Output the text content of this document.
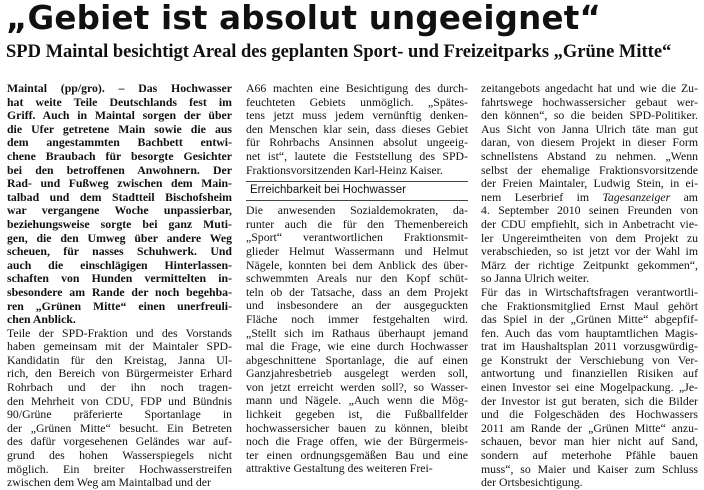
„Gebiet ist absolut ungeeignet“
SPD Maintal besichtigt Areal des geplanten Sport- und Freizeitparks „Grüne Mitte“

Maintal (pp/gro). – Das Hochwasser

hat weite Teile Deutschlands fest im

Griff. Auch in Maintal sorgen der über

die Ufer getretene Main sowie die aus

dem angestammten Bachbett entwi-

chene Braubach für besorgte Gesichter

bei den betroffenen Anwohnern. Der

Rad- und Fußweg zwischen dem Main-

talbad und dem Stadtteil Bischofsheim

war vergangene Woche unpassierbar,

beziehungsweise sorgte bei ganz Muti-

gen, die den Umweg über andere Weg

scheuen, für nasses Schuhwerk. Und

auch die einschlägigen Hinterlassen-

schaften von Hunden vermittelten in-

sbesondere am Rande der noch begehba-

ren „Grünen Mitte“ einen unerfreuli-

chen Anblick.

Teile der SPD-Fraktion und des Vorstands

haben gemeinsam mit der Maintaler SPD-

Kandidatin für den Kreistag, Janna Ul-

rich, den Bereich von Bürgermeister Erhard

Rohrbach und der ihn noch tragen-

den Mehrheit von CDU, FDP und Bündnis

90/Grüne präferierte Sportanlage in

der „Grünen Mitte“ besucht. Ein Betreten

des dafür vorgesehenen Geländes war auf-

grund des hohen Wasserspiegels nicht

möglich. Ein breiter Hochwasserstreifen

zwischen dem Weg am Maintalbad und der

A66 machten eine Besichtigung des durch-

feuchteten Gebiets unmöglich. „Spätes-

tens jetzt muss jedem vernünftig denken-

den Menschen klar sein, dass dieses Gebiet

für Rohrbachs Ansinnen absolut ungeeig-

net ist“, lautete die Feststellung des SPD-

Fraktionsvorsitzenden Karl-Heinz Kaiser.

Erreichbarkeit bei Hochwasser

Die anwesenden Sozialdemokraten, da-

runter auch die für den Themenbereich

„Sport“ verantwortlichen Fraktionsmit-

glieder Helmut Wassermann und Helmut

Nägele, konnten bei dem Anblick des über-

schwemmten Areals nur den Kopf schüt-

teln ob der Tatsache, dass an dem Projekt

und insbesondere an der ausgeguckten

Fläche noch immer festgehalten wird.

„Stellt sich im Rathaus überhaupt jemand

mal die Frage, wie eine durch Hochwasser

abgeschnittene Sportanlage, die auf einen

Ganzjahresbetrieb ausgelegt werden soll,

von jetzt erreicht werden soll?, so Wasser-

mann und Nägele. „Auch wenn die Mög-

lichkeit gegeben ist, die Fußballfelder

hochwassersicher bauen zu können, bleibt

noch die Frage offen, wie der Bürgermeis-

ter einen ordnungsgemäßen Bau und eine

attraktive Gestaltung des weiteren Frei-

zeitangebots angedacht hat und wie die Zu-

fahrtswege hochwassersicher gebaut wer-

den können“, so die beiden SPD-Politiker.

Aus Sicht von Janna Ulrich täte man gut

daran, von diesem Projekt in dieser Form

schnellstens Abstand zu nehmen. „Wenn

selbst der ehemalige Fraktionsvorsitzende

der Freien Maintaler, Ludwig Stein, in ei-

nem Leserbrief im Tagesanzeiger am

4. September 2010 seinen Freunden von

der CDU empfiehlt, sich in Anbetracht vie-

ler Ungereimtheiten von dem Projekt zu

verabschieden, so ist jetzt vor der Wahl im

März der richtige Zeitpunkt gekommen“,

so Janna Ulrich weiter.

Für das in Wirtschaftsfragen verantwortli-

che Fraktionsmitglied Ernst Maul gehört

das Spiel in der „Grünen Mitte“ abgepfif-

fen. Auch das vom hauptamtlichen Magis-

trat im Haushaltsplan 2011 vorzusgwürdig-

ge Konstrukt der Verschiebung von Ver-

antwortung und finanziellen Risiken auf

einen Investor sei eine Mogelpackung. „Je-

der Investor ist gut beraten, sich die Bilder

und die Folgeschäden des Hochwassers

2011 am Rande der „Grünen Mitte“ anzu-

schauen, bevor man hier nicht auf Sand,

sondern auf meterhohe Pfähle bauen

muss“, so Maier und Kaiser zum Schluss

der Ortsbesichtigung.
